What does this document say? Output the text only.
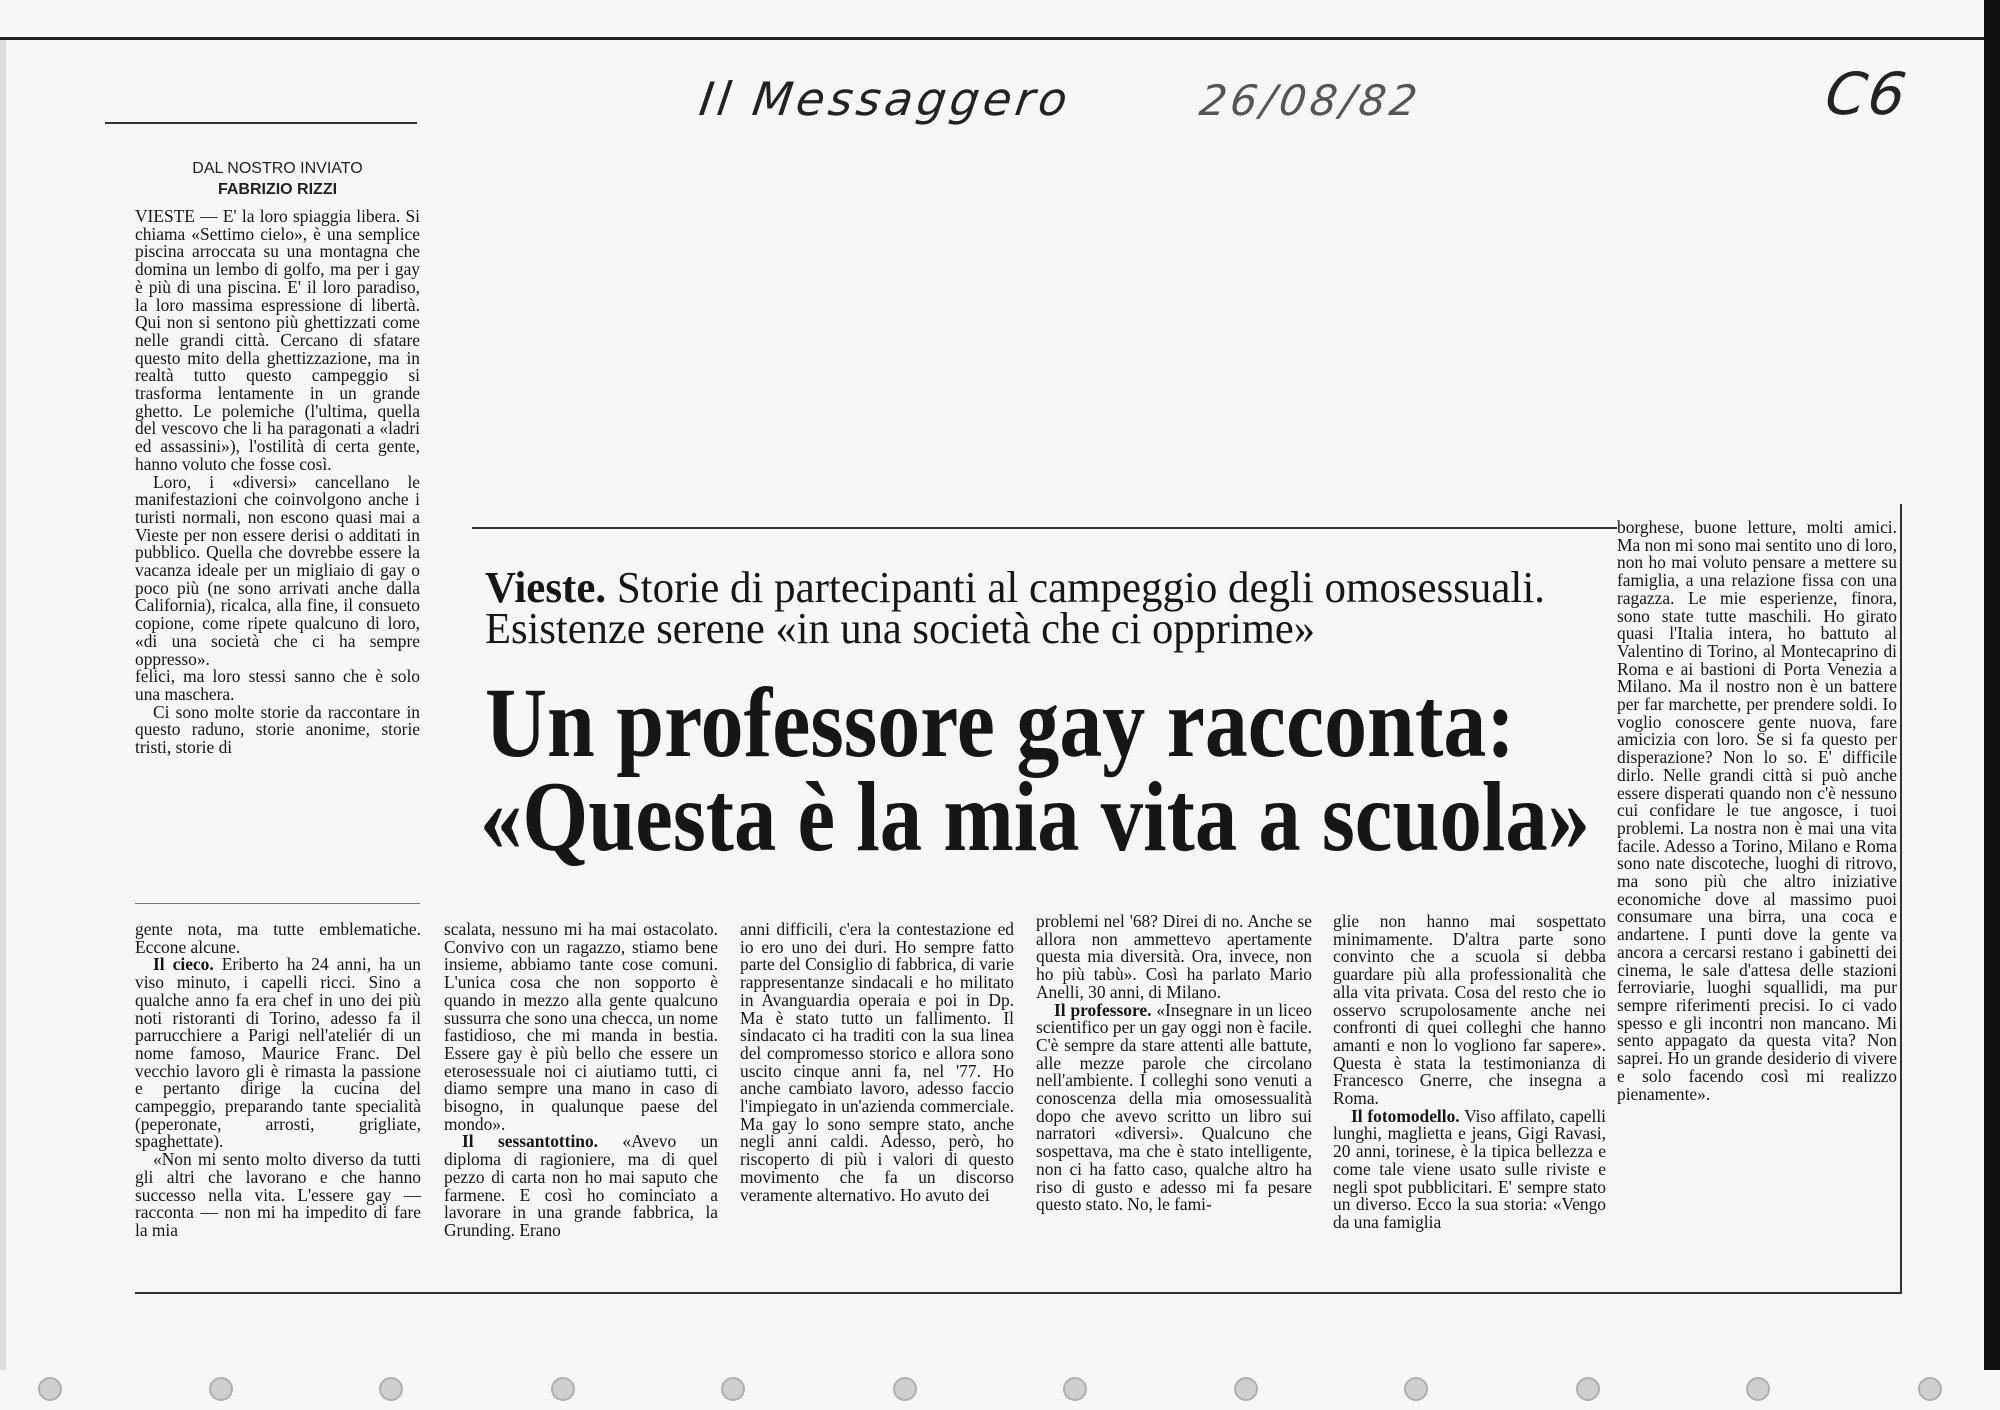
Il Messaggero	26/08/82	C6
DAL NOSTRO INVIATO
FABRIZIO RIZZI

VIESTE — E' la loro spiaggia libera. Si chiama «Settimo cielo», è una semplice piscina arroccata su una montagna che domina un lembo di golfo, ma per i gay è più di una piscina. E' il loro paradiso, la loro massima espressione di libertà. Qui non si sentono più ghettizzati come nelle grandi città. Cercano di sfatare questo mito della ghettizzazione, ma in realtà tutto questo campeggio si trasforma lentamente in un grande ghetto. Le polemiche (l'ultima, quella del vescovo che li ha paragonati a «ladri ed assassini»), l'ostilità di certa gente, hanno voluto che fosse così.

Loro, i «diversi» cancellano le manifestazioni che coinvolgono anche i turisti normali, non escono quasi mai a Vieste per non essere derisi o additati in pubblico. Quella che dovrebbe essere la vacanza ideale per un migliaio di gay o poco più (ne sono arrivati anche dalla California), ricalca, alla fine, il consueto copione, come ripete qualcuno di loro, «di una società che ci ha sempre oppresso».

felici, ma loro stessi sanno che è solo una maschera.

Ci sono molte storie da raccontare in questo raduno, storie anonime, storie tristi, storie di

Vieste. Storie di partecipanti al campeggio degli omosessuali.
Esistenze serene «in una società che ci opprime»
Un professore gay racconta:
«Questa è la mia vita a scuola»

gente nota, ma tutte emblematiche. Eccone alcune.

Il cieco. Eriberto ha 24 anni, ha un viso minuto, i capelli ricci. Sino a qualche anno fa era chef in uno dei più noti ristoranti di Torino, adesso fa il parrucchiere a Parigi nell'ateliér di un nome famoso, Maurice Franc. Del vecchio lavoro gli è rimasta la passione e pertanto dirige la cucina del campeggio, preparando tante specialità (peperonate, arrosti, grigliate, spaghettate).

«Non mi sento molto diverso da tutti gli altri che lavorano e che hanno successo nella vita. L'essere gay — racconta — non mi ha impedito di fare la mia

scalata, nessuno mi ha mai ostacolato. Convivo con un ragazzo, stiamo bene insieme, abbiamo tante cose comuni. L'unica cosa che non sopporto è quando in mezzo alla gente qualcuno sussurra che sono una checca, un nome fastidioso, che mi manda in bestia. Essere gay è più bello che essere un eterosessuale noi ci aiutiamo tutti, ci diamo sempre una mano in caso di bisogno, in qualunque paese del mondo».

Il sessantottino. «Avevo un diploma di ragioniere, ma di quel pezzo di carta non ho mai saputo che farmene. E così ho cominciato a lavorare in una grande fabbrica, la Grunding. Erano

anni difficili, c'era la contestazione ed io ero uno dei duri. Ho sempre fatto parte del Consiglio di fabbrica, di varie rappresentanze sindacali e ho militato in Avanguardia operaia e poi in Dp. Ma è stato tutto un fallimento. Il sindacato ci ha traditi con la sua linea del compromesso storico e allora sono uscito cinque anni fa, nel '77. Ho anche cambiato lavoro, adesso faccio l'impiegato in un'azienda commerciale. Ma gay lo sono sempre stato, anche negli anni caldi. Adesso, però, ho riscoperto di più i valori di questo movimento che fa un discorso veramente alternativo. Ho avuto dei

problemi nel '68? Direi di no. Anche se allora non ammettevo apertamente questa mia diversità. Ora, invece, non ho più tabù». Così ha parlato Mario Anelli, 30 anni, di Milano.

Il professore. «Insegnare in un liceo scientifico per un gay oggi non è facile. C'è sempre da stare attenti alle battute, alle mezze parole che circolano nell'ambiente. I colleghi sono venuti a conoscenza della mia omosessualità dopo che avevo scritto un libro sui narratori «diversi». Qualcuno che sospettava, ma che è stato intelligente, non ci ha fatto caso, qualche altro ha riso di gusto e adesso mi fa pesare questo stato. No, le fami-

glie non hanno mai sospettato minimamente. D'altra parte sono convinto che a scuola si debba guardare più alla professionalità che alla vita privata. Cosa del resto che io osservo scrupolosamente anche nei confronti di quei colleghi che hanno amanti e non lo vogliono far sapere». Questa è stata la testimonianza di Francesco Gnerre, che insegna a Roma.

Il fotomodello. Viso affilato, capelli lunghi, maglietta e jeans, Gigi Ravasi, 20 anni, torinese, è la tipica bellezza e come tale viene usato sulle riviste e negli spot pubblicitari. E' sempre stato un diverso. Ecco la sua storia: «Vengo da una famiglia

borghese, buone letture, molti amici. Ma non mi sono mai sentito uno di loro, non ho mai voluto pensare a mettere su famiglia, a una relazione fissa con una ragazza. Le mie esperienze, finora, sono state tutte maschili. Ho girato quasi l'Italia intera, ho battuto al Valentino di Torino, al Montecaprino di Roma e ai bastioni di Porta Venezia a Milano. Ma il nostro non è un battere per far marchette, per prendere soldi. Io voglio conoscere gente nuova, fare amicizia con loro. Se si fa questo per disperazione? Non lo so. E' difficile dirlo. Nelle grandi città si può anche essere disperati quando non c'è nessuno cui confidare le tue angosce, i tuoi problemi. La nostra non è mai una vita facile. Adesso a Torino, Milano e Roma sono nate discoteche, luoghi di ritrovo, ma sono più che altro iniziative economiche dove al massimo puoi consumare una birra, una coca e andartene. I punti dove la gente va ancora a cercarsi restano i gabinetti dei cinema, le sale d'attesa delle stazioni ferroviarie, luoghi squallidi, ma pur sempre riferimenti precisi. Io ci vado spesso e gli incontri non mancano. Mi sento appagato da questa vita? Non saprei. Ho un grande desiderio di vivere e solo facendo così mi realizzo pienamente».
